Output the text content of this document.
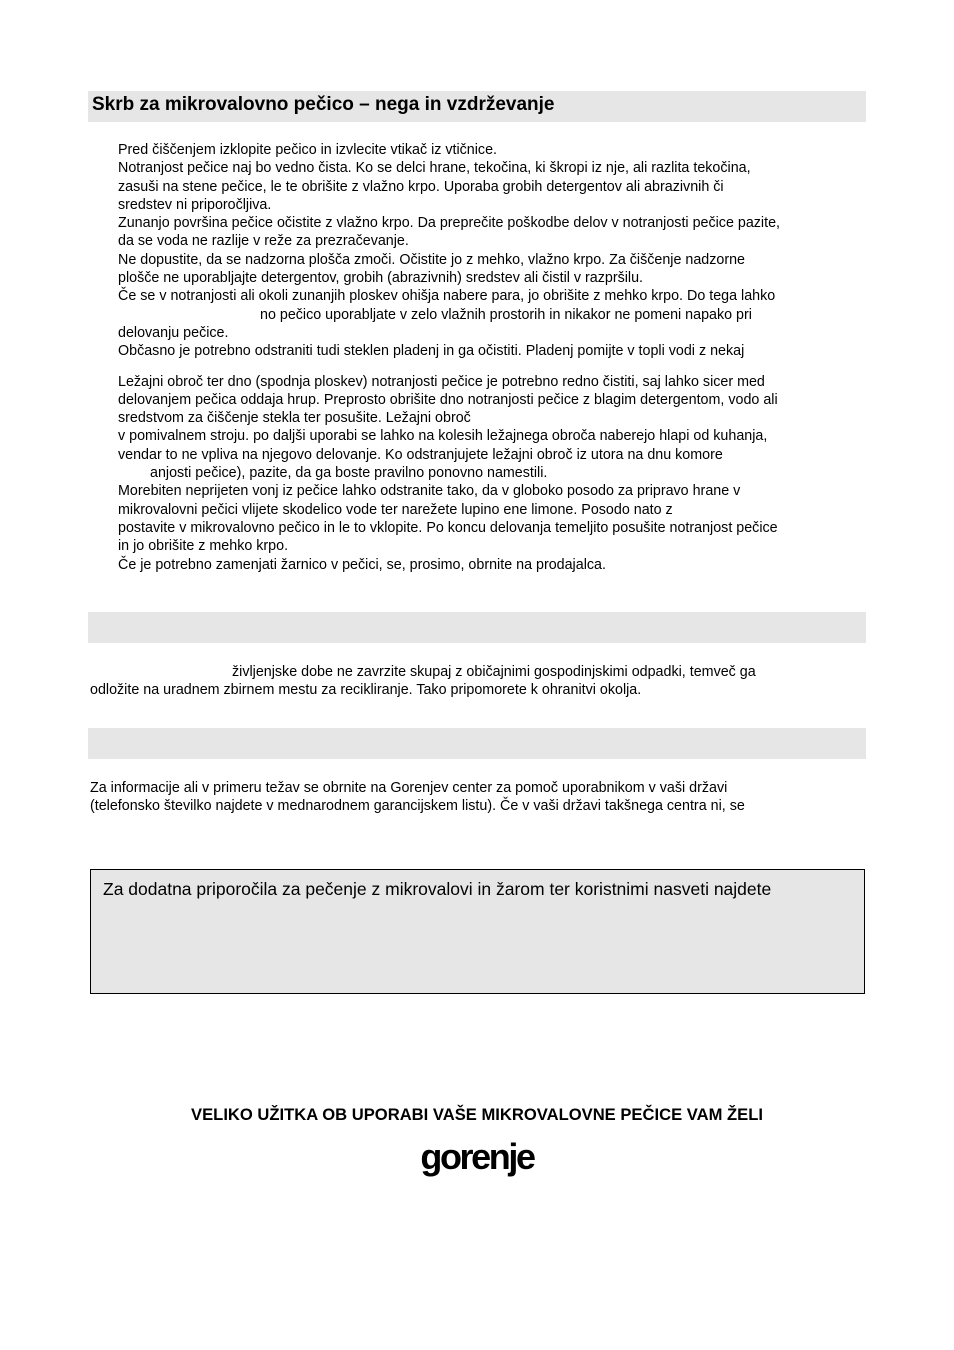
Skrb za mikrovalovno pečico – nega in vzdrževanje
Pred čiščenjem izklopite pečico in izvlecite vtikač iz vtičnice.
Notranjost pečice naj bo vedno čista. Ko se delci hrane, tekočina, ki škropi iz nje, ali razlita tekočina,
zasuši na stene pečice, le te obrišite z vlažno krpo. Uporaba grobih detergentov ali abrazivnih či
sredstev ni priporočljiva.
Zunanjo površina pečice očistite z vlažno krpo. Da preprečite poškodbe delov v notranjosti pečice pazite,
da se voda ne razlije v reže za prezračevanje.
Ne dopustite, da se nadzorna plošča zmoči. Očistite jo z mehko, vlažno krpo. Za čiščenje nadzorne
plošče ne uporabljajte detergentov, grobih (abrazivnih) sredstev ali čistil v razpršilu.
Če se v notranjosti ali okoli zunanjih ploskev ohišja nabere para, jo obrišite z mehko krpo. Do tega lahko
no pečico uporabljate v zelo vlažnih prostorih in nikakor ne pomeni napako pri
delovanju pečice.
Občasno je potrebno odstraniti tudi steklen pladenj in ga očistiti. Pladenj pomijte v topli vodi z nekaj
Ležajni obroč ter dno (spodnja ploskev) notranjosti pečice je potrebno redno čistiti, saj lahko sicer med
delovanjem pečica oddaja hrup. Preprosto obrišite dno notranjosti pečice z blagim detergentom, vodo ali
sredstvom za čiščenje stekla ter posušite. Ležajni obroč
v pomivalnem stroju. po daljši uporabi se lahko na kolesih ležajnega obroča naberejo hlapi od kuhanja,
vendar to ne vpliva na njegovo delovanje. Ko odstranjujete ležajni obroč iz utora na dnu komore
anjosti pečice), pazite, da ga boste pravilno ponovno namestili.
Morebiten neprijeten vonj iz pečice lahko odstranite tako, da v globoko posodo za pripravo hrane v
mikrovalovni pečici vlijete skodelico vode ter narežete lupino ene limone. Posodo nato z
postavite v mikrovalovno pečico in le to vklopite. Po koncu delovanja temeljito posušite notranjost pečice
in jo obrišite z mehko krpo.
Če je potrebno zamenjati žarnico v pečici, se, prosimo, obrnite na prodajalca.
življenjske dobe ne zavrzite skupaj z običajnimi gospodinjskimi odpadki, temveč ga
odložite na uradnem zbirnem mestu za recikliranje. Tako pripomorete k ohranitvi okolja.
Za informacije ali v primeru težav se obrnite na Gorenjev center za pomoč uporabnikom v vaši državi
(telefonsko številko najdete v mednarodnem garancijskem listu). Če v vaši državi takšnega centra ni, se
Za dodatna priporočila za pečenje z mikrovalovi in žarom ter koristnimi nasveti najdete
VELIKO UŽITKA OB UPORABI VAŠE MIKROVALOVNE PEČICE VAM ŽELI
gorenje
